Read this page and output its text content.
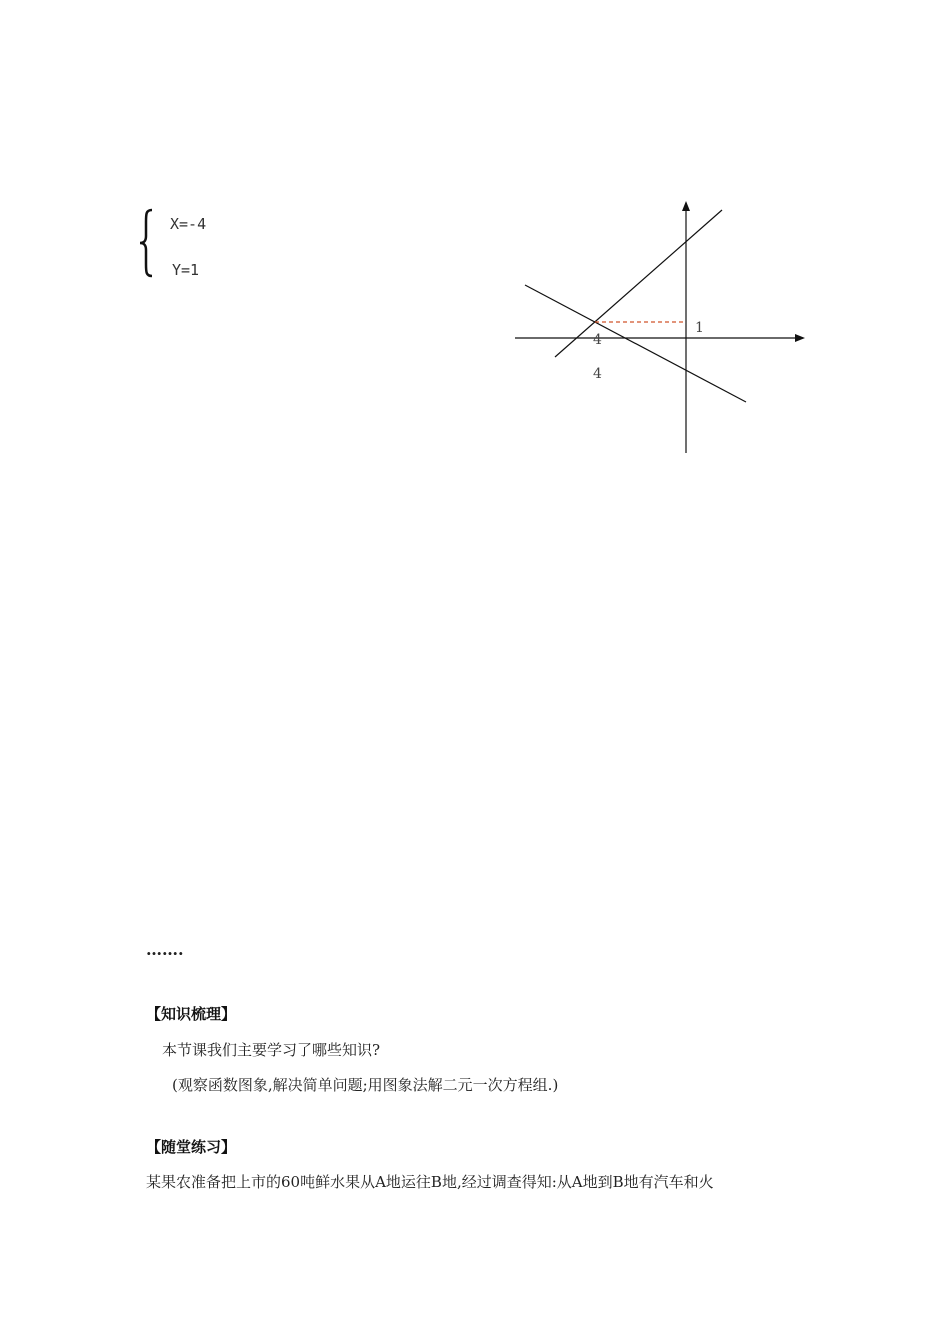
X=-4
Y=1
1
4
4
…….
【知识梳理】
本节课我们主要学习了哪些知识?
(观察函数图象,解决简单问题;用图象法解二元一次方程组.)
【随堂练习】
某果农准备把上市的60吨鲜水果从A地运往B地,经过调查得知:从A地到B地有汽车和火
